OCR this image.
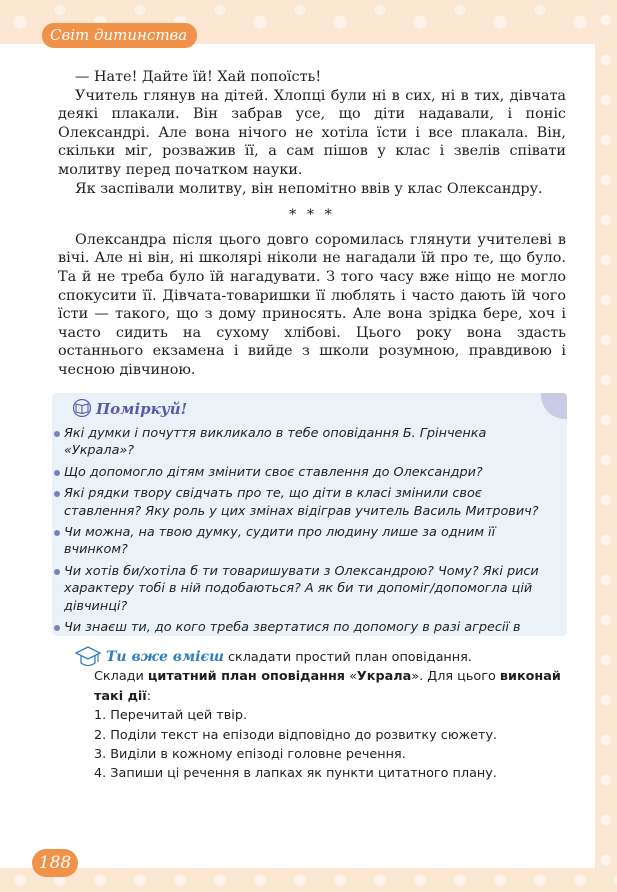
Світ дитинства

— Нате! Дайте їй! Хай попоїсть!

Учитель глянув на дітей. Хлопці були ні в сих, ні в тих, дівчата деякі плакали. Він забрав усе, що діти надавали, і поніс Олександрі. Але вона нічого не хотіла їсти і все плакала. Він, скільки міг, розважив її, а сам пішов у клас і звелів співати молитву перед початком науки.

Як заспівали молитву, він непомітно ввів у клас Олександру.

* * *

Олександра після цього довго соромилась глянути учителеві в вічі. Але ні він, ні школярі ніколи не нагадали їй про те, що було. Та й не треба було їй нагадувати. З того часу вже ніщо не могло спокусити її. Дівчата-товаришки її люблять і часто дають їй чого їсти — такого, що з дому приносять. Але вона зрідка бере, хоч і часто сидить на сухому хлібові. Цього року вона здасть останнього екзамена і вийде з школи розумною, правдивою і чесною дівчиною.

Поміркуй!
Які думки і почуття викликало в тебе оповідання Б. Грінченка «Украла»?
Що допомогло дітям змінити своє ставлення до Олександри?
Які рядки твору свідчать про те, що діти в класі змінили своє ставлення? Яку роль у цих змінах відіграв учитель Василь Митрович?
Чи можна, на твою думку, судити про людину лише за одним її вчинком?
Чи хотів би/хотіла б ти товаришувати з Олександрою? Чому? Які риси характеру тобі в ній подобаються? А як би ти допоміг/допомогла цій дівчинці?
Чи знаєш ти, до кого треба звертатися по допомогу в разі агресії в
Ти вже вмієш складати простий план оповідання.
Склади цитатний план оповідання «Украла». Для цього виконай такі дії:
1. Перечитай цей твір.
2. Поділи текст на епізоди відповідно до розвитку сюжету.
3. Виділи в кожному епізоді головне речення.
4. Запиши ці речення в лапках як пункти цитатного плану.
188
